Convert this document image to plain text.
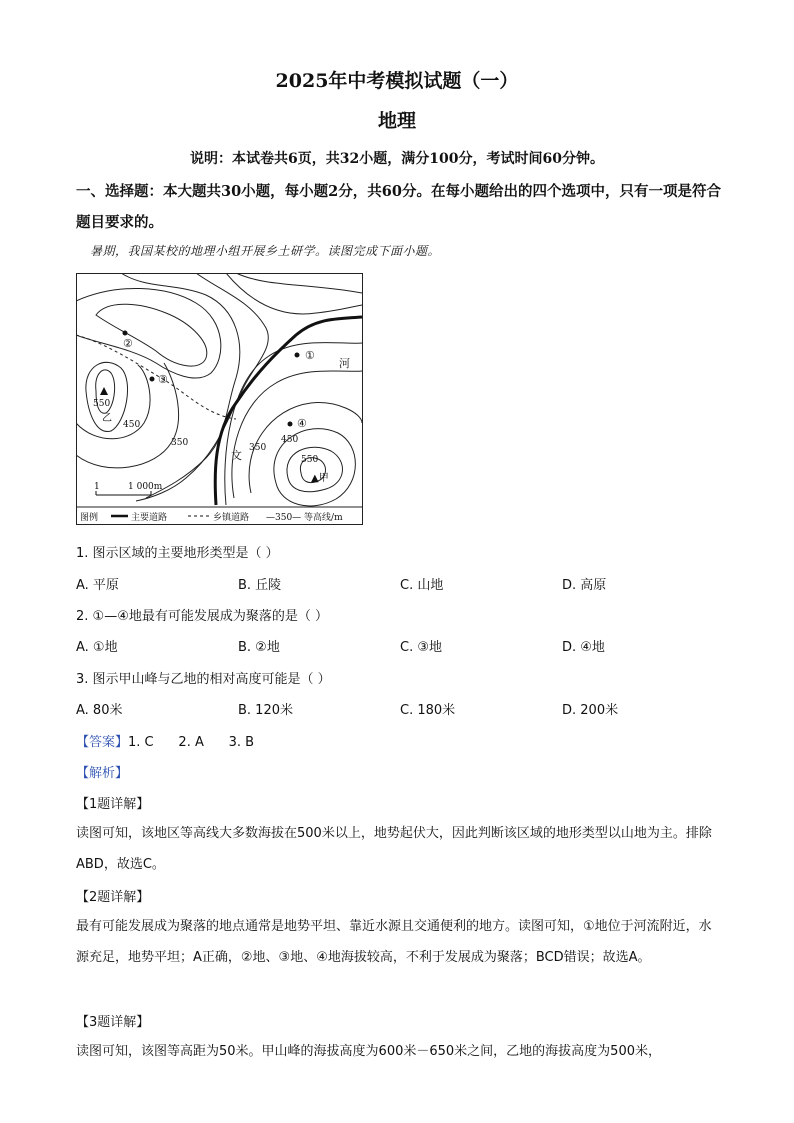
2025年中考模拟试题（一）
地理
说明：本试卷共6页，共32小题，满分100分，考试时间60分钟。
一、选择题：本大题共30小题，每小题2分，共60分。在每小题给出的四个选项中，只有一项是符合题目要求的。
暑期，我国某校的地理小组开展乡土研学。读图完成下面小题。
①
②
③
④
河
文
▲甲
乙
550
450
350	350
450
550
1	1 000m
图例	主要道路	乡镇道路 —350— 等高线/m
1. 图示区域的主要地形类型是（ ）
A. 平原	B. 丘陵	C. 山地	D. 高原
2. ①—④地最有可能发展成为聚落的是（ ）
A. ①地	B. ②地	C. ③地	D. ④地
3. 图示甲山峰与乙地的相对高度可能是（ ）
A. 80米	B. 120米	C. 180米	D. 200米
【答案】1. C      2. A      3. B
【解析】
【1题详解】
读图可知，该地区等高线大多数海拔在500米以上，地势起伏大，因此判断该区域的地形类型以山地为主。排除ABD，故选C。
【2题详解】
最有可能发展成为聚落的地点通常是地势平坦、靠近水源且交通便利的地方。读图可知，①地位于河流附近，水源充足，地势平坦；A正确，②地、③地、④地海拔较高，不利于发展成为聚落；BCD错误；故选A。
【3题详解】
读图可知，该图等高距为50米。甲山峰的海拔高度为600米－650米之间，乙地的海拔高度为500米，
